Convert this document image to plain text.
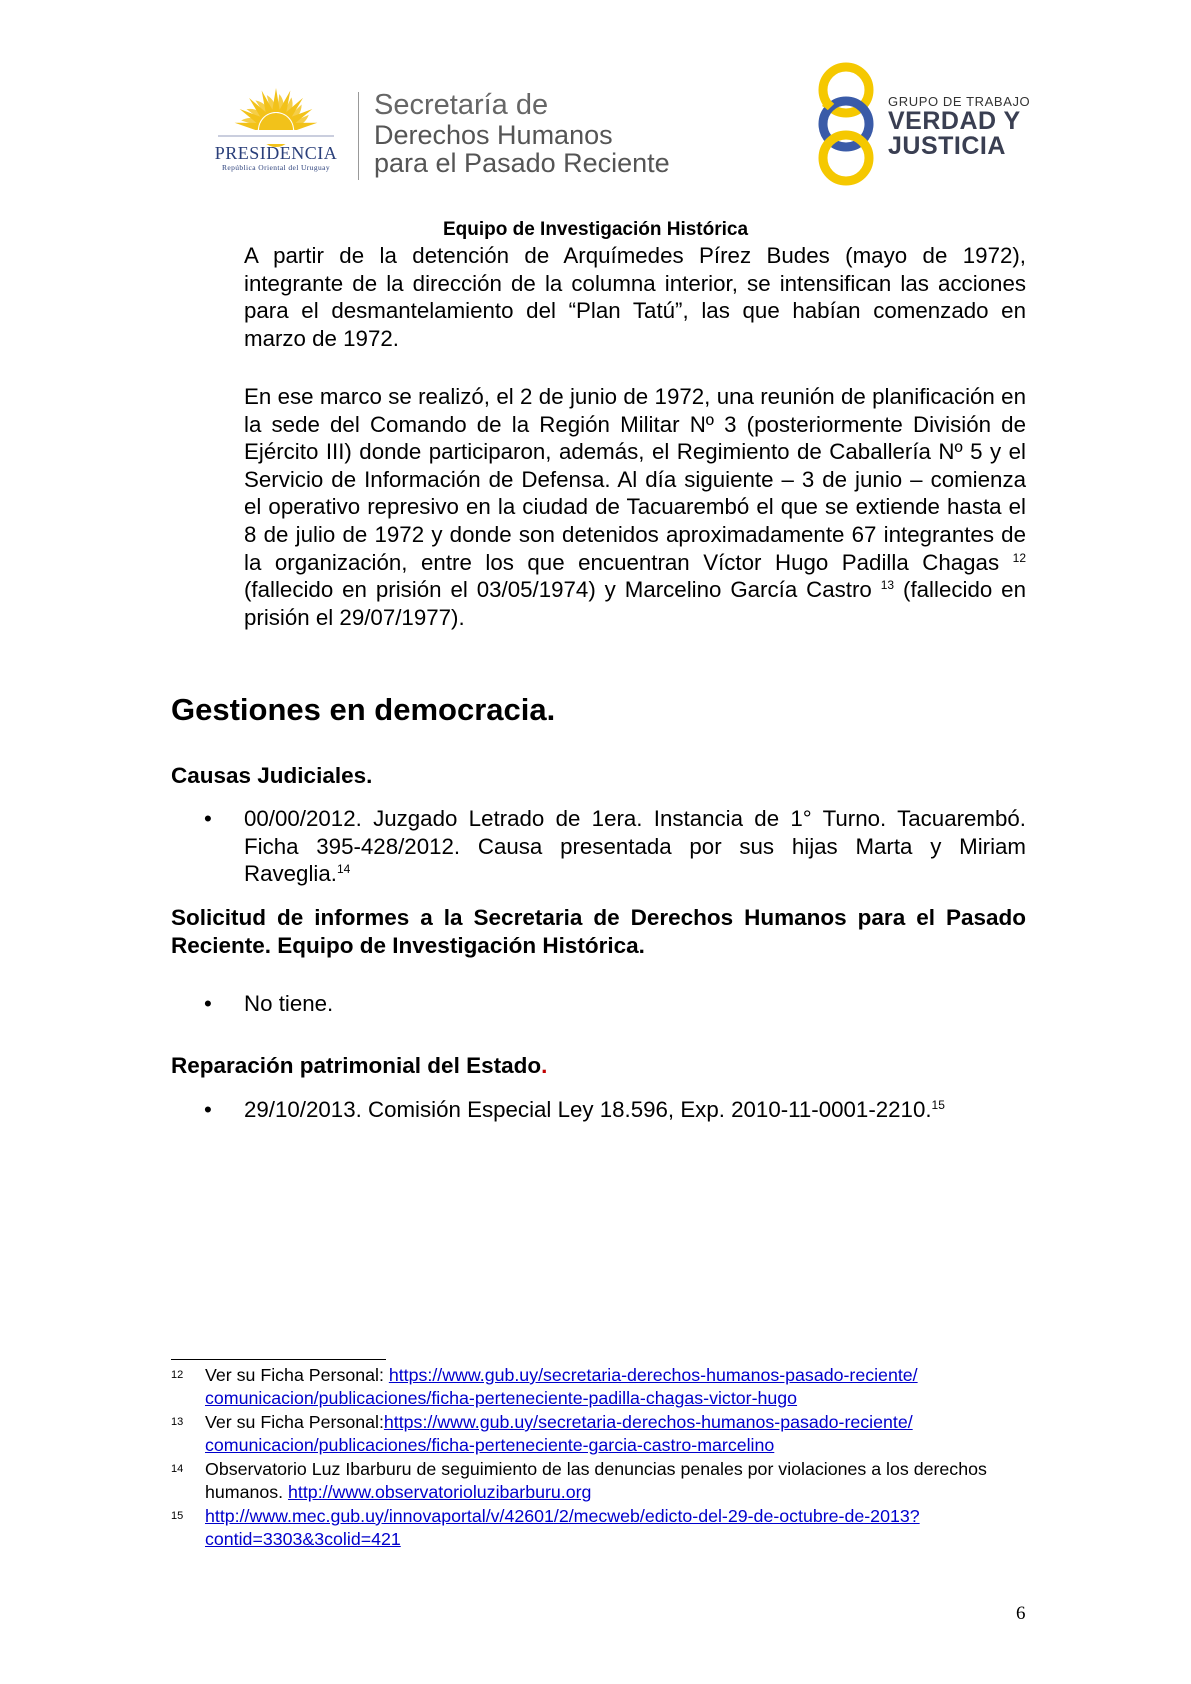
PRESIDENCIA
República Oriental del Uruguay
Secretaría de
Derechos Humanos
para el Pasado Reciente
GRUPO DE TRABAJO
VERDAD Y
JUSTICIA
Equipo de Investigación Histórica
A partir de la detención de Arquímedes Pírez Budes (mayo de 1972), integrante de la dirección de la columna interior, se intensifican las acciones para el desmantelamiento del “Plan Tatú”, las que habían comenzado en marzo de 1972.
En ese marco se realizó, el 2 de junio de 1972, una reunión de planificación en la sede del Comando de la Región Militar Nº 3 (posteriormente División de Ejército III) donde participaron, además, el Regimiento de Caballería Nº 5 y el Servicio de Información de Defensa. Al día siguiente – 3 de junio – comienza el operativo represivo en la ciudad de Tacuarembó el que se extiende hasta el 8 de julio de 1972 y donde son detenidos aproximadamente 67 integrantes de la organización, entre los que encuentran Víctor Hugo Padilla Chagas $^{12}$ (fallecido en prisión el 03/05/1974) y Marcelino García Castro $^{13}$ (fallecido en prisión el 29/07/1977).
Gestiones en democracia.
Causas Judiciales.
• 00/00/2012. Juzgado Letrado de 1era. Instancia de 1° Turno. Tacuarembó. Ficha 395-428/2012. Causa presentada por sus hijas Marta y Miriam Raveglia.$^{14}$
Solicitud de informes a la Secretaria de Derechos Humanos para el Pasado Reciente. Equipo de Investigación Histórica.
• No tiene.
Reparación patrimonial del Estado.
• 29/10/2013. Comisión Especial Ley 18.596, Exp. 2010-11-0001-2210.15
12 Ver su Ficha Personal: https://www.gub.uy/secretaria-derechos-humanos-pasado-reciente/ comunicacion/publicaciones/ficha-perteneciente-padilla-chagas-victor-hugo
13 Ver su Ficha Personal:https://www.gub.uy/secretaria-derechos-humanos-pasado-reciente/ comunicacion/publicaciones/ficha-perteneciente-garcia-castro-marcelino
14 Observatorio Luz Ibarburu de seguimiento de las denuncias penales por violaciones a los derechos humanos. http://www.observatorioluzibarburu.org
15 http://www.mec.gub.uy/innovaportal/v/42601/2/mecweb/edicto-del-29-de-octubre-de-2013? contid=3303&3colid=421
6
